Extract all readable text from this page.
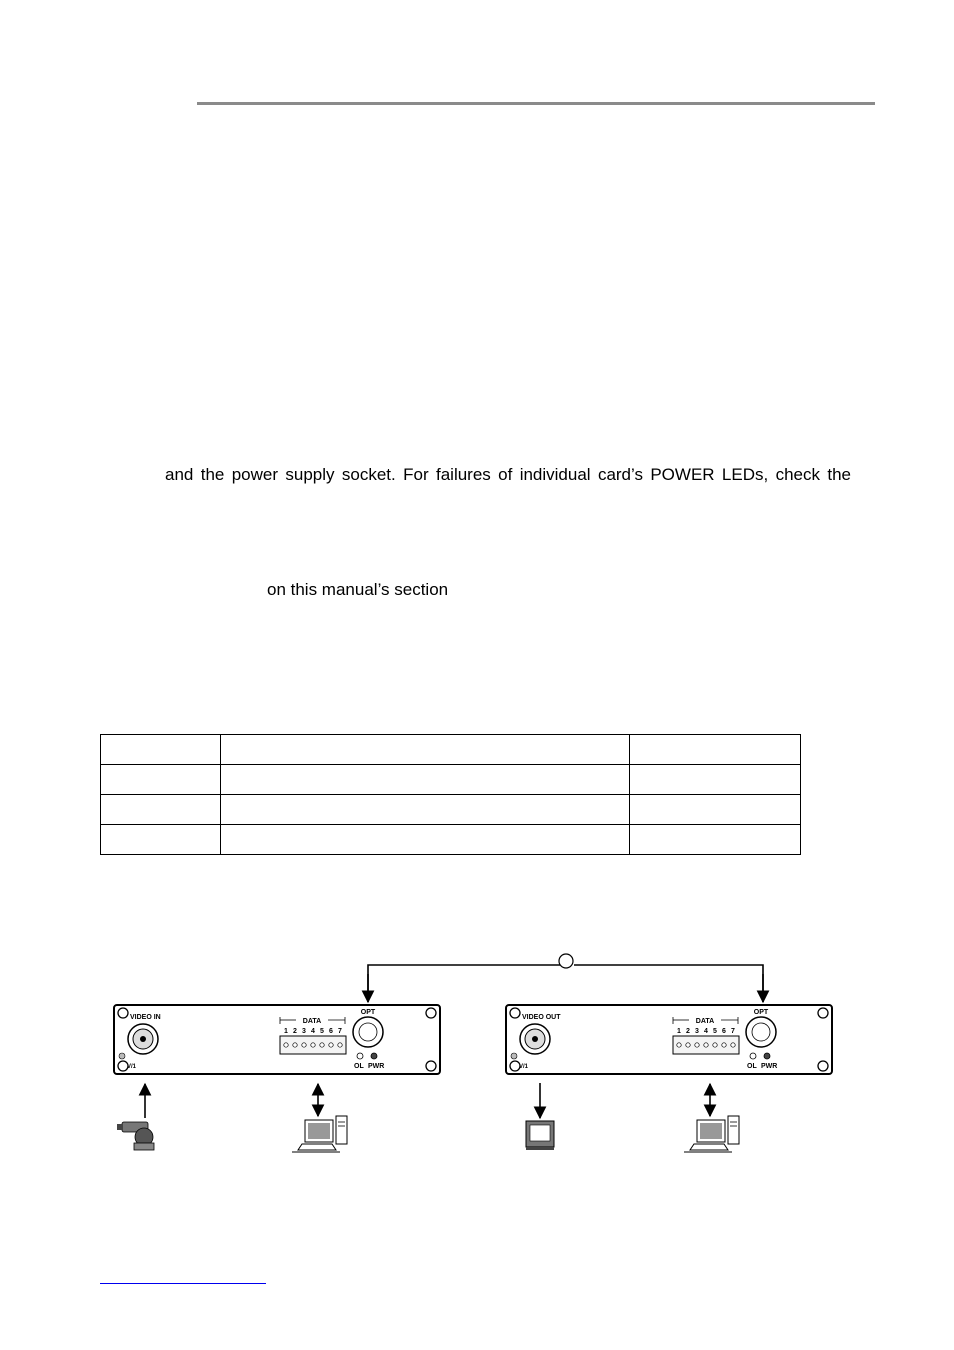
and the power supply socket. For failures of individual card’s POWER LEDs, check the
on this manual’s section

VIDEO IN
V/1
DATA
1 2 3 4 5 6 7
OPT
OL PWR
VIDEO OUT
V/1
DATA
1 2 3 4 5 6 7
OPT
OL PWR
